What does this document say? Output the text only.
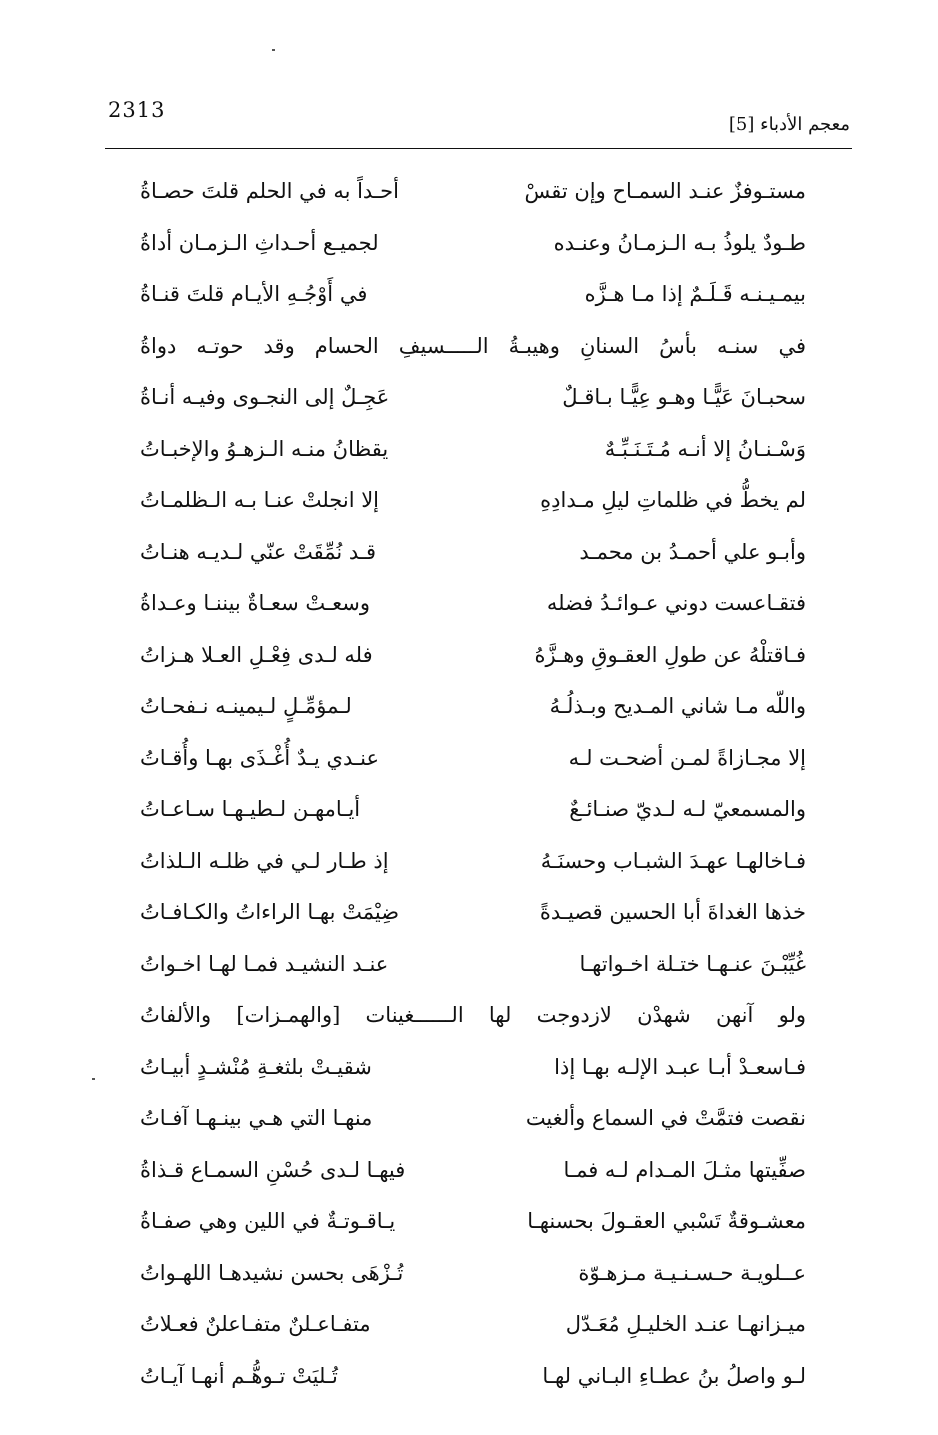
2313
معجم الأدباء [5]
مستـوفزٌ عنـد السمـاح وإن تقسْ
أحـداً به في الحلم قلتَ حصـاةُ
طـودٌ يلوذُ بـه الـزمـانُ وعنـده
لجميـع أحـداثِ الـزمـان أداةُ
بيمـيـنـه قَـلَـمٌ إذا مـا هـزَّه
في أَوْجُـهِ الأيـام قلتَ قنـاةُ
في سنـه بأسُ السنانِ وهيبـةُ الـــــسيفِ الحسام وقد حوتـه دواةُ
سحبـانَ عَيًّـا وهـو عِيًّـا بـاقـلٌ
عَجِـلٌ إلى النجـوى وفيـه أنـاةُ
وَسْـنـانُ إلا أنـه مُـتَـنَـبِّـهٌ
يقظانُ منـه الـزهـوُ والإخبـاتُ
لم يخطُّ في ظلماتِ ليلِ مـدادِهِ
إلا انجلتْ عنـا بـه الـظلمـاتُ
وأبـو علي أحمـدُ بن محمـد
قـد نُمِّقَتْ عنّي لـديـه هنـاتُ
فتقـاعست دوني عـوائـدُ فضله
وسعـتْ سعـاةٌ بيننـا وعـداةُ
فـاقتلْهُ عن طولِ العقـوقِ وهـزَّهُ
فله لـدى فِعْـلِ العـلا هـزاتُ
واللّه مـا شاني المـديح وبـذلُـهُ
لـمؤمِّـلٍ لـيمينـه نـفحـاتُ
إلا مجـازاةً لمـن أضحـت لـه
عنـدي يـدٌ أُغْـذَى بهـا وأُقـاتُ
والمسمعيّ لـه لـديّ صنـائـعٌ
أيـامهـن لـطيـهـا سـاعـاتُ
فـاخالهـا عهـدَ الشبـاب وحسنَـهُ
إذ طـار لـي في ظلـه الـلذاتُ
خذها الغداةَ أبا الحسين قصيـدةً
ضِيْمَتْ بهـا الراءاتُ والكـافـاتُ
غُيِّبْـنَ عنـهـا ختـلة اخـواتهـا
عنـد النشيـد فمـا لهـا اخـواتُ
ولو آنهن شهدْن لازدوجت لها الــــــغينات [والهمـزات] والألفاتُ
فـاسعـدْ أبـا عبـد الإلـه بهـا إذا
شقيـتْ بلثغـةِ مُنْشـدٍ أبيـاتُ
نقصت فتمَّتْ في السماع وألغيت
منهـا التي هـي بينـهـا آفـاتُ
صفِّيتها مثـلَ المـدام لـه فمـا
فيهـا لـدى حُسْنِ السمـاع قـذاةُ
معشـوقةٌ تَسْبي العقـولَ بحسنهـا
يـاقـوتـةٌ في اللين وهي صفـاةُ
عــلويـة حـسـنـيـة مـزهـوّة
تُـزْهَى بحسن نشيدهـا اللهـواتُ
ميـزانهـا عنـد الخليـلِ مُعَـدّل
متفـاعـلنٌ متفـاعلنٌ فعـلاتُ
لـو واصلُ بنُ عطـاءِ البـاني لهـا
تُـليَتْ تـوهُّـم أنهـا آيـاتُ
